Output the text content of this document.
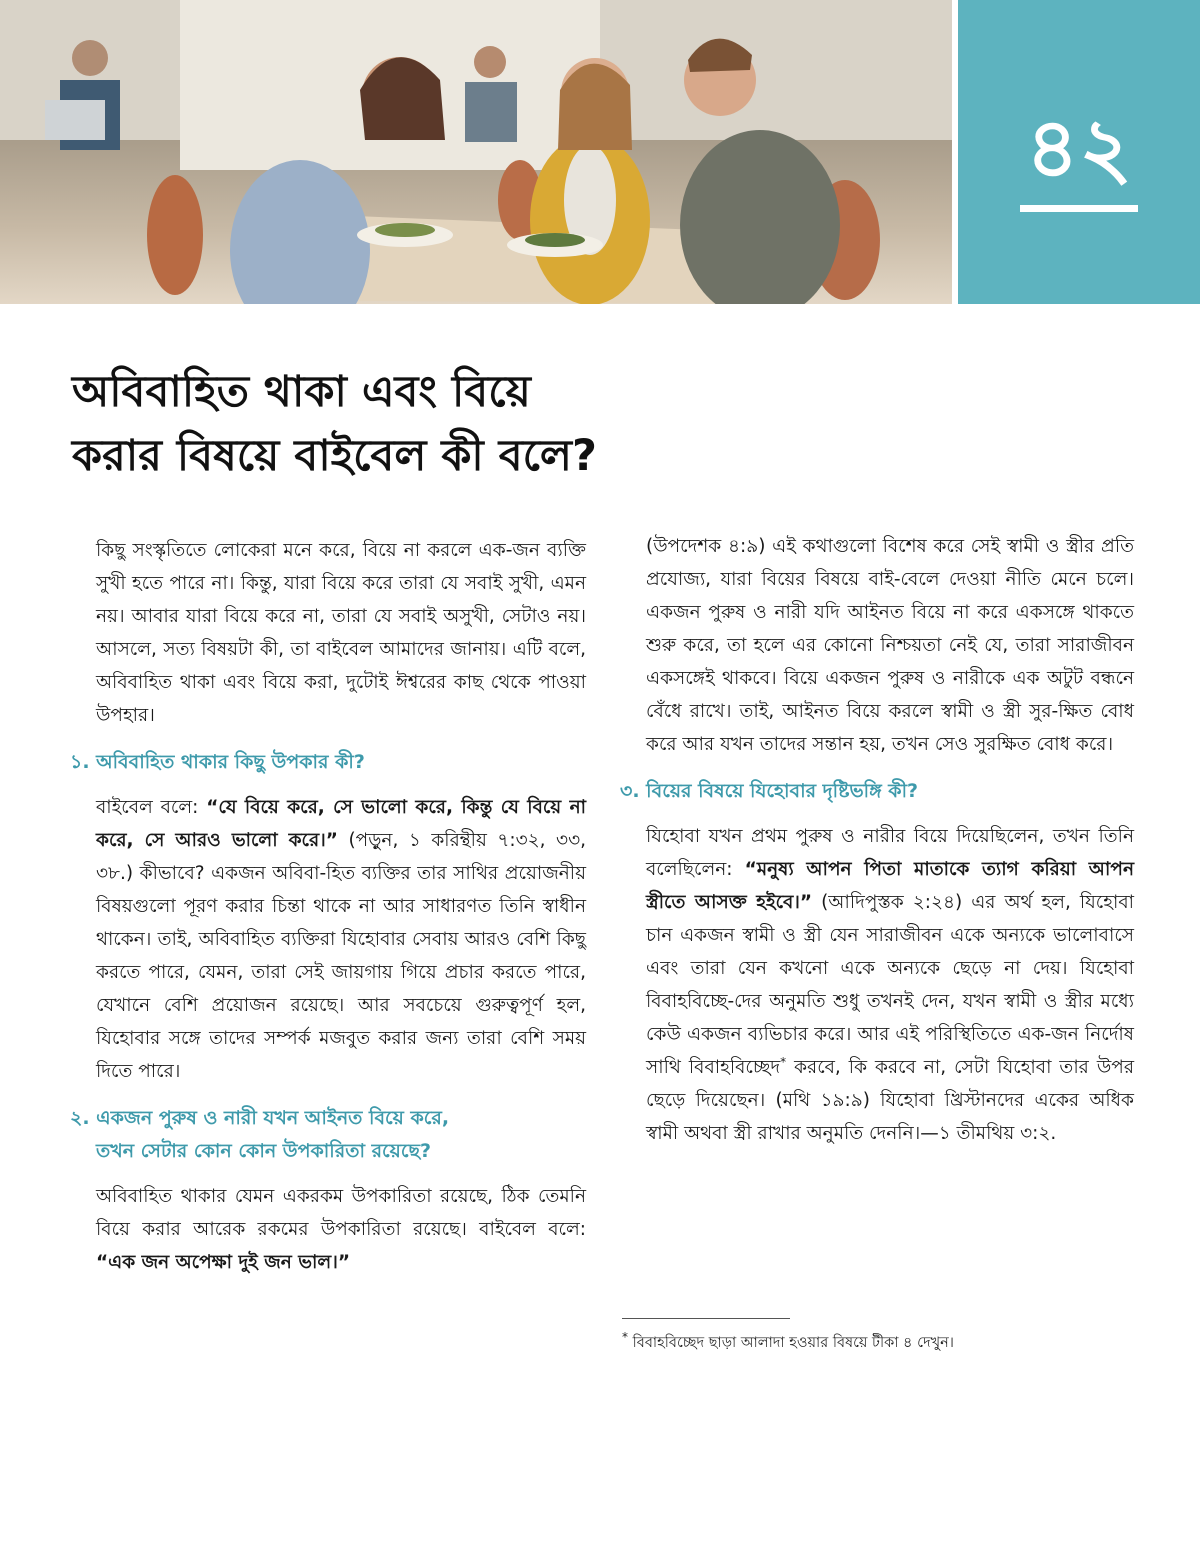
৪২
অবিবাহিত থাকা এবং বিয়ে
করার বিষয়ে বাইবেল কী বলে?

কিছু সংস্কৃতিতে লোকেরা মনে করে, বিয়ে না করলে এক-জন ব্যক্তি সুখী হতে পারে না। কিন্তু, যারা বিয়ে করে তারা যে সবাই সুখী, এমন নয়। আবার যারা বিয়ে করে না, তারা যে সবাই অসুখী, সেটাও নয়। আসলে, সত্য বিষয়টা কী, তা বাইবেল আমাদের জানায়। এটি বলে, অবিবাহিত থাকা এবং বিয়ে করা, দুটোই ঈশ্বরের কাছ থেকে পাওয়া উপহার।

১. অবিবাহিত থাকার কিছু উপকার কী?

বাইবেল বলে: “যে বিয়ে করে, সে ভালো করে, কিন্তু যে বিয়ে না করে, সে আরও ভালো করে।” (পড়ুন, ১ করিন্থীয় ৭:৩২, ৩৩, ৩৮.) কীভাবে? একজন অবিবা-হিত ব্যক্তির তার সাথির প্রয়োজনীয় বিষয়গুলো পূরণ করার চিন্তা থাকে না আর সাধারণত তিনি স্বাধীন থাকেন। তাই, অবিবাহিত ব্যক্তিরা যিহোবার সেবায় আরও বেশি কিছু করতে পারে, যেমন, তারা সেই জায়গায় গিয়ে প্রচার করতে পারে, যেখানে বেশি প্রয়োজন রয়েছে। আর সবচেয়ে গুরুত্বপূর্ণ হল, যিহোবার সঙ্গে তাদের সম্পর্ক মজবুত করার জন্য তারা বেশি সময় দিতে পারে।

২. একজন পুরুষ ও নারী যখন আইনত বিয়ে করে,
তখন সেটার কোন কোন উপকারিতা রয়েছে?

অবিবাহিত থাকার যেমন একরকম উপকারিতা রয়েছে, ঠিক তেমনি বিয়ে করার আরেক রকমের উপকারিতা রয়েছে। বাইবেল বলে: “এক জন অপেক্ষা দুই জন ভাল।”

(উপদেশক ৪:৯) এই কথাগুলো বিশেষ করে সেই স্বামী ও স্ত্রীর প্রতি প্রযোজ্য, যারা বিয়ের বিষয়ে বাই-বেলে দেওয়া নীতি মেনে চলে। একজন পুরুষ ও নারী যদি আইনত বিয়ে না করে একসঙ্গে থাকতে শুরু করে, তা হলে এর কোনো নিশ্চয়তা নেই যে, তারা সারাজীবন একসঙ্গেই থাকবে। বিয়ে একজন পুরুষ ও নারীকে এক অটুট বন্ধনে বেঁধে রাখে। তাই, আইনত বিয়ে করলে স্বামী ও স্ত্রী সুর-ক্ষিত বোধ করে আর যখন তাদের সন্তান হয়, তখন সেও সুরক্ষিত বোধ করে।

৩. বিয়ের বিষয়ে যিহোবার দৃষ্টিভঙ্গি কী?

যিহোবা যখন প্রথম পুরুষ ও নারীর বিয়ে দিয়েছিলেন, তখন তিনি বলেছিলেন: “মনুষ্য আপন পিতা মাতাকে ত্যাগ করিয়া আপন স্ত্রীতে আসক্ত হইবে।” (আদিপুস্তক ২:২৪) এর অর্থ হল, যিহোবা চান একজন স্বামী ও স্ত্রী যেন সারাজীবন একে অন্যকে ভালোবাসে এবং তারা যেন কখনো একে অন্যকে ছেড়ে না দেয়। যিহোবা বিবাহবিচ্ছে-দের অনুমতি শুধু তখনই দেন, যখন স্বামী ও স্ত্রীর মধ্যে কেউ একজন ব্যভিচার করে। আর এই পরিস্থিতিতে এক-জন নির্দোষ সাথি বিবাহবিচ্ছেদ* করবে, কি করবে না, সেটা যিহোবা তার উপর ছেড়ে দিয়েছেন। (মথি ১৯:৯) যিহোবা খ্রিস্টানদের একের অধিক স্বামী অথবা স্ত্রী রাখার অনুমতি দেননি।—১ তীমথিয় ৩:২.

* বিবাহবিচ্ছেদ ছাড়া আলাদা হওয়ার বিষয়ে টীকা ৪ দেখুন।
